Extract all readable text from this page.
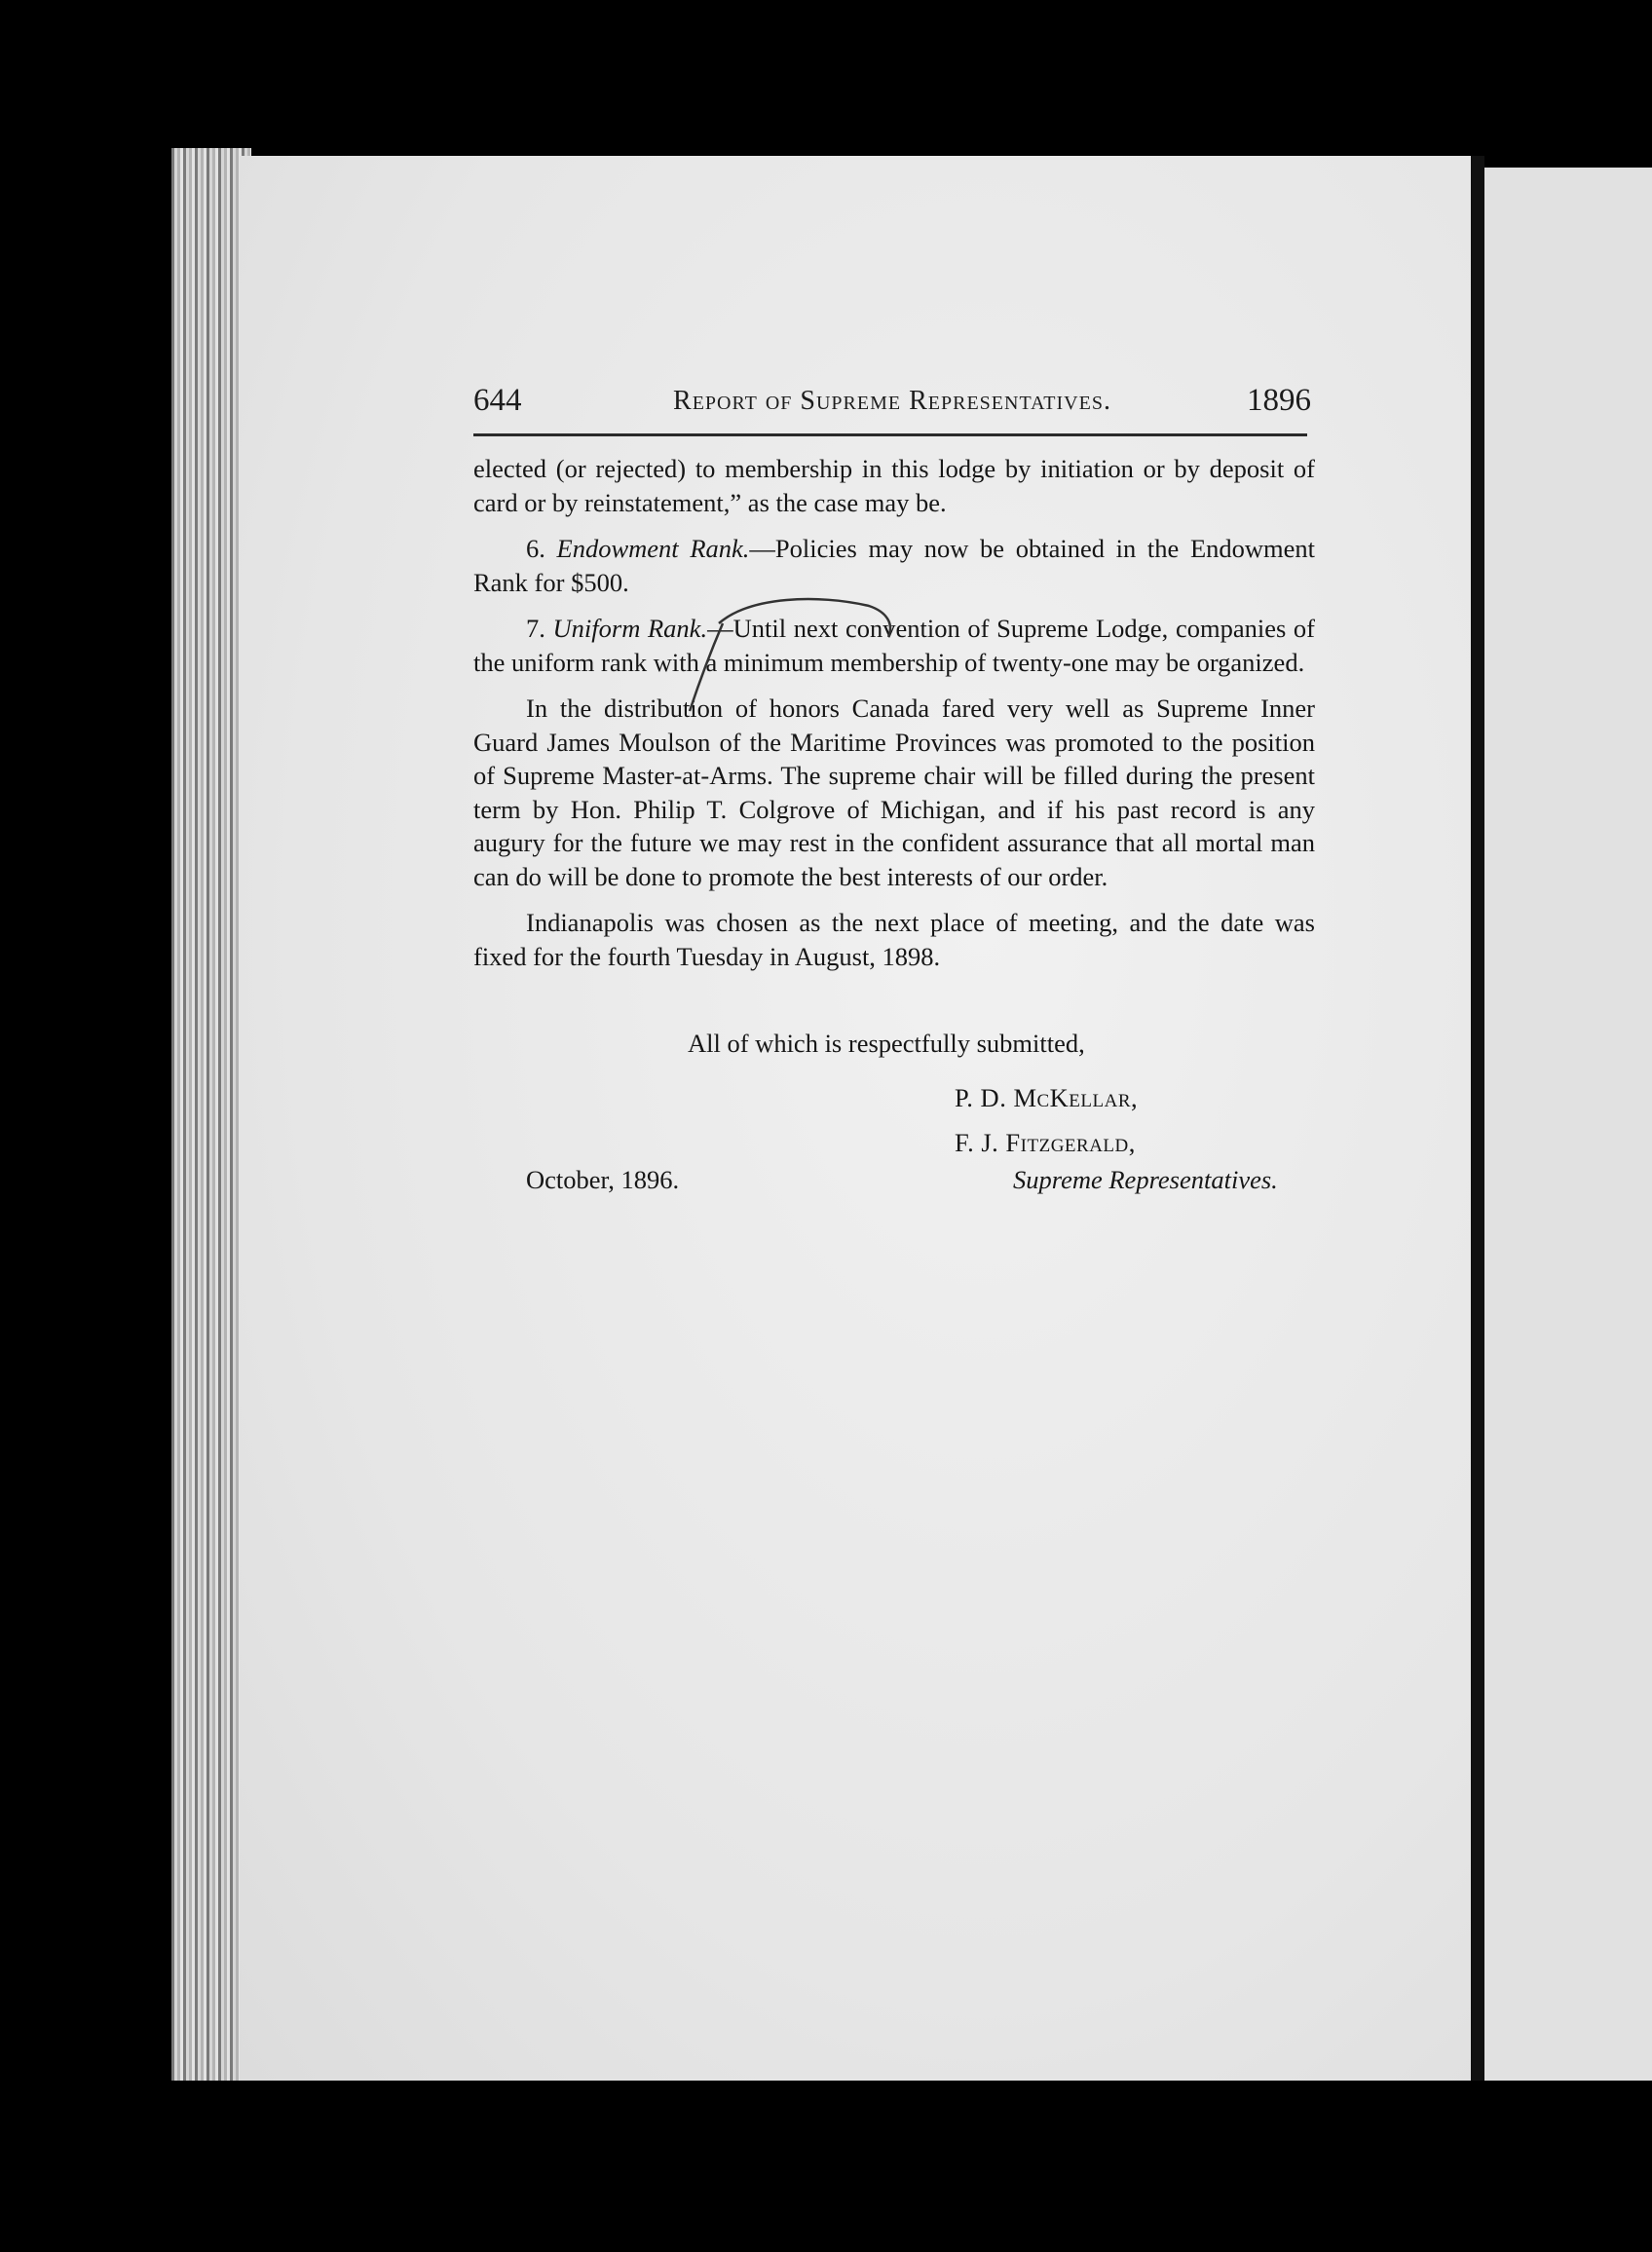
644	Report of Supreme Representatives.	1896

elected (or rejected) to membership in this lodge by initiation or by deposit of card or by reinstatement,” as the case may be.

6. Endowment Rank.—Policies may now be obtained in the Endowment Rank for $500.

7. Uniform Rank.—Until next convention of Supreme Lodge, companies of the uniform rank with a minimum membership of twenty-one may be organized.

In the distribution of honors Canada fared very well as Supreme Inner Guard James Moulson of the Maritime Provinces was promoted to the position of Supreme Master-at-Arms. The supreme chair will be filled during the present term by Hon. Philip T. Colgrove of Michigan, and if his past record is any augury for the future we may rest in the confident assurance that all mortal man can do will be done to promote the best interests of our order.

Indianapolis was chosen as the next place of meeting, and the date was fixed for the fourth Tuesday in August, 1898.

All of which is respectfully submitted,
P. D. McKellar,
F. J. Fitzgerald,
October, 1896.	Supreme Representatives.
